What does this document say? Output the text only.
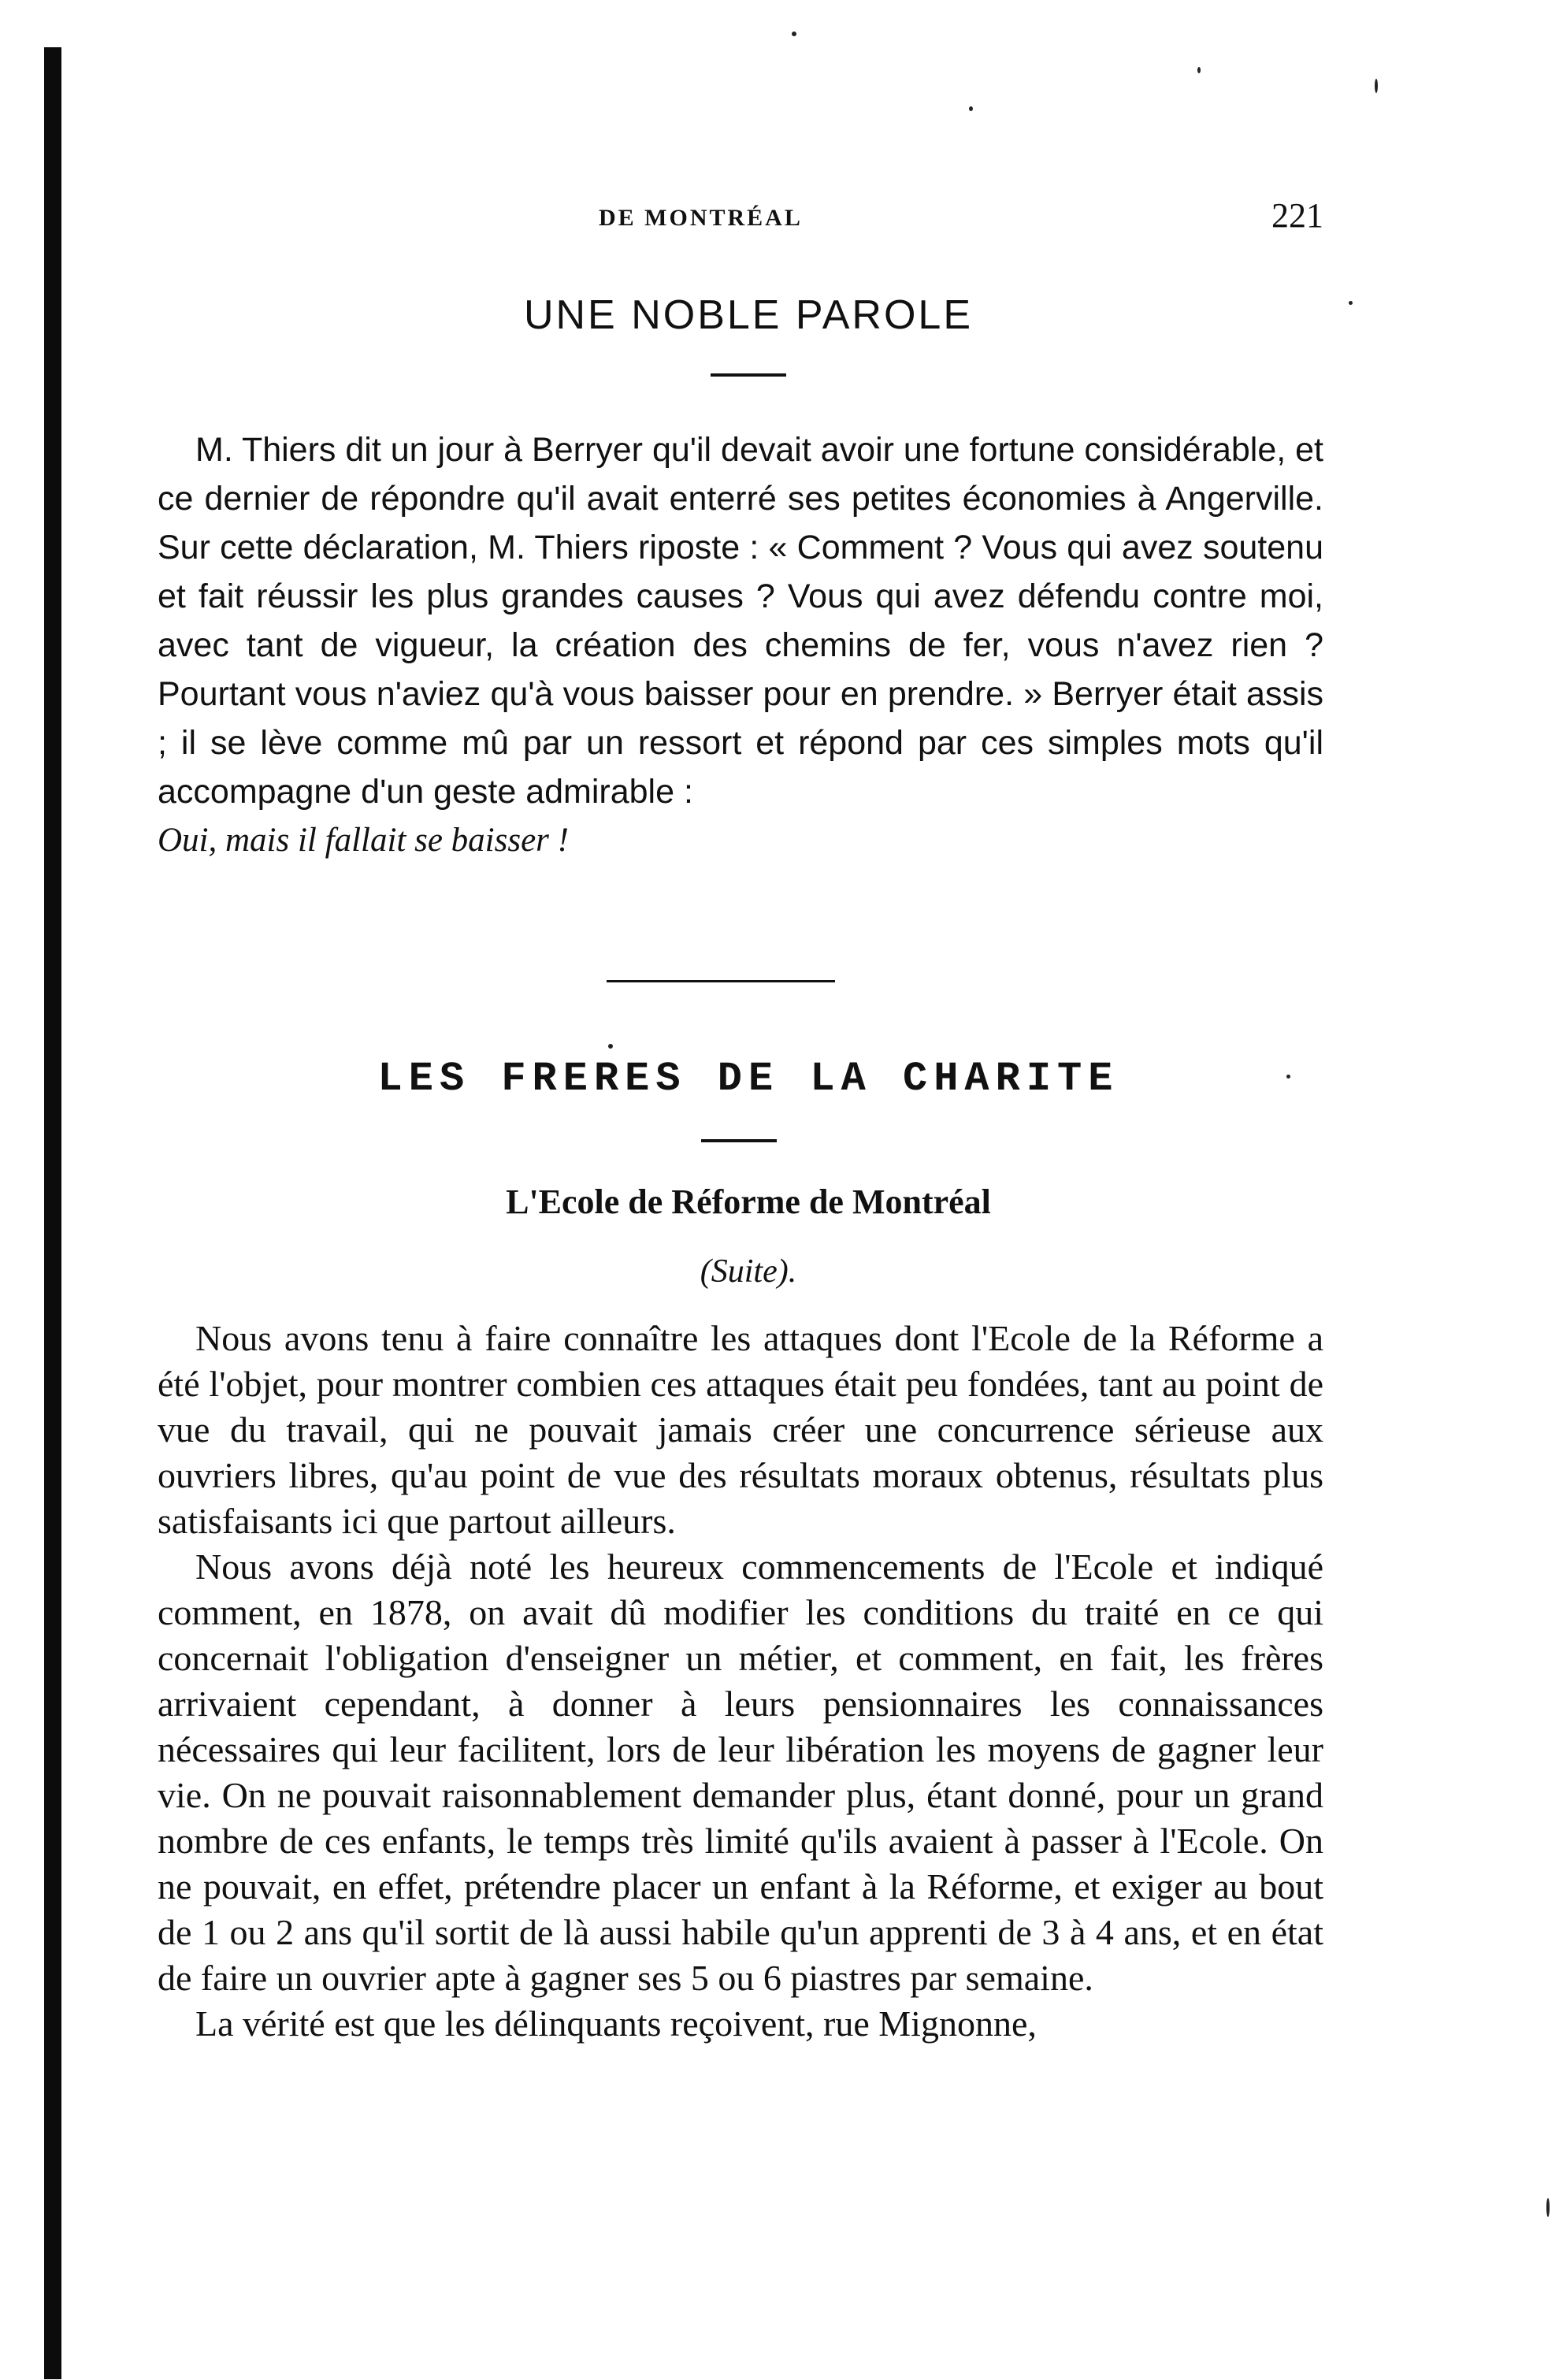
DE MONTRÉAL	221
UNE NOBLE PAROLE

M. Thiers dit un jour à Berryer qu'il devait avoir une fortune considérable, et ce dernier de répondre qu'il avait enterré ses petites économies à Angerville. Sur cette déclaration, M. Thiers riposte : « Comment ? Vous qui avez soutenu et fait réussir les plus grandes causes ? Vous qui avez défendu contre moi, avec tant de vigueur, la création des chemins de fer, vous n'avez rien ? Pourtant vous n'aviez qu'à vous baisser pour en prendre. » Berryer était assis ; il se lève comme mû par un ressort et répond par ces simples mots qu'il accompagne d'un geste admirable :
Oui, mais il fallait se baisser !

LES FRERES DE LA CHARITE
L'Ecole de Réforme de Montréal
(Suite).

Nous avons tenu à faire connaître les attaques dont l'Ecole de la Réforme a été l'objet, pour montrer combien ces attaques était peu fondées, tant au point de vue du travail, qui ne pouvait jamais créer une concurrence sérieuse aux ouvriers libres, qu'au point de vue des résultats moraux obtenus, résultats plus satisfaisants ici que partout ailleurs.

Nous avons déjà noté les heureux commencements de l'Ecole et indiqué comment, en 1878, on avait dû modifier les conditions du traité en ce qui concernait l'obligation d'enseigner un métier, et comment, en fait, les frères arrivaient cependant, à donner à leurs pensionnaires les connaissances nécessaires qui leur facilitent, lors de leur libération les moyens de gagner leur vie. On ne pouvait raisonnablement demander plus, étant donné, pour un grand nombre de ces enfants, le temps très limité qu'ils avaient à passer à l'Ecole. On ne pouvait, en effet, prétendre placer un enfant à la Réforme, et exiger au bout de 1 ou 2 ans qu'il sortit de là aussi habile qu'un apprenti de 3 à 4 ans, et en état de faire un ouvrier apte à gagner ses 5 ou 6 piastres par semaine.

La vérité est que les délinquants reçoivent, rue Mignonne,
